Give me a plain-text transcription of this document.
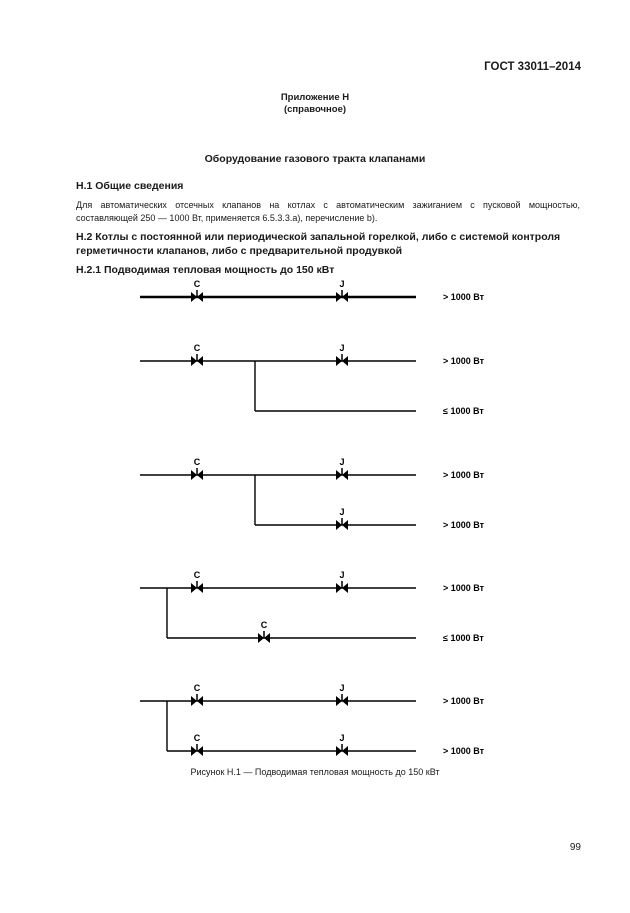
ГОСТ 33011–2014
Приложение Н
(справочное)
Оборудование газового тракта клапанами
Н.1 Общие сведения
Для автоматических отсечных клапанов на котлах с автоматическим зажиганием с пусковой мощностью, составляющей 250 — 1000 Вт, применяется 6.5.3.3.а), перечисление b).
Н.2 Котлы с постоянной или периодической запальной горелкой, либо с системой контроля герметичности клапанов, либо с предварительной продувкой
Н.2.1 Подводимая тепловая мощность до 150 кВт
C	J
> 1000 Вт
C	J
> 1000 Вт
≤ 1000 Вт
C	J
J
> 1000 Вт
> 1000 Вт
C	J
C
> 1000 Вт
≤ 1000 Вт
C	J
C	J
> 1000 Вт
> 1000 Вт
Рисунок Н.1 — Подводимая тепловая мощность до 150 кВт
99
